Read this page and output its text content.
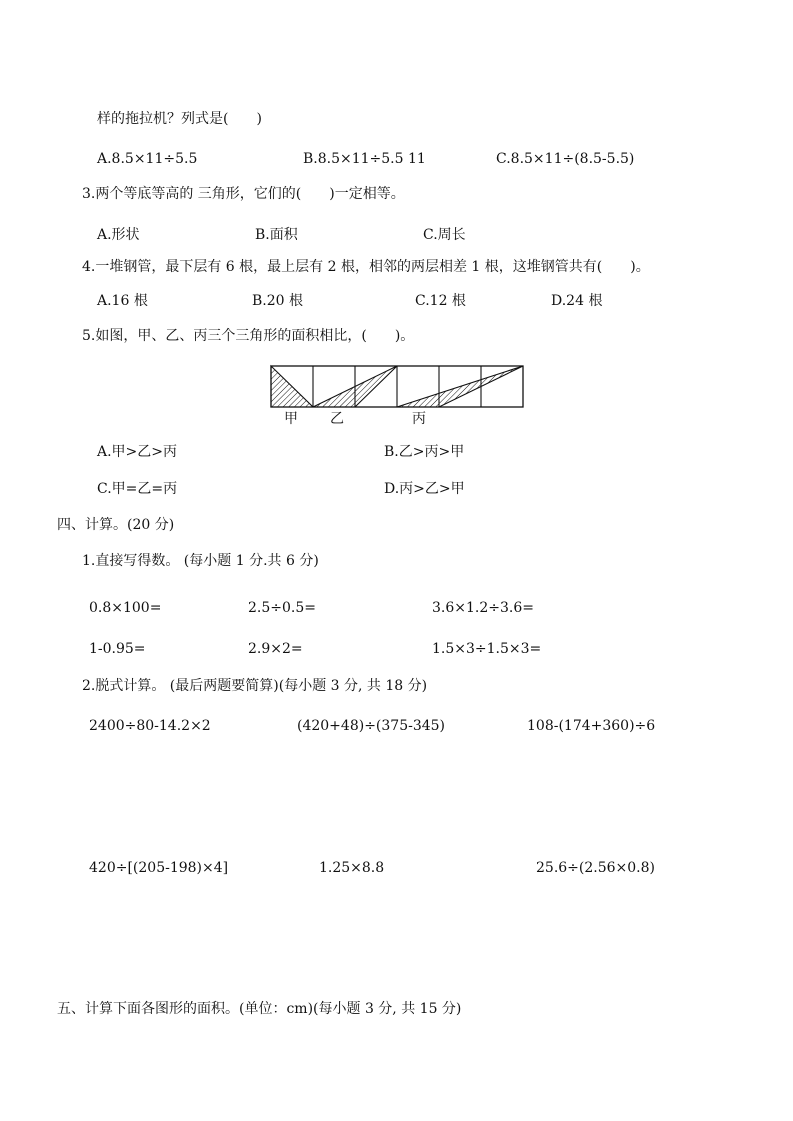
样的拖拉机？列式是(　　)
A.8.5×11÷5.5	B.8.5×11÷5.5 11	C.8.5×11÷(8.5-5.5)
3.两个等底等高的 三角形，它们的(　　)一定相等。
A.形状	B.面积	C.周长
4.一堆钢管，最下层有 6 根，最上层有 2 根，相邻的两层相差 1 根，这堆钢管共有(　　)。
A.16 根	B.20 根	C.12 根	D.24 根
5.如图，甲、乙、丙三个三角形的面积相比，(　　)。
甲 乙	丙
A.甲>乙>丙	B.乙>丙>甲
C.甲=乙=丙	D.丙>乙>甲
四、计算。(20 分)
1.直接写得数。 (每小题 1 分.共 6 分)
0.8×100=	2.5÷0.5=	3.6×1.2÷3.6=
1-0.95=	2.9×2=	1.5×3÷1.5×3=
2.脱式计算。 (最后两题要简算)(每小题 3 分, 共 18 分)
2400÷80-14.2×2	(420+48)÷(375-345)	108-(174+360)÷6
420÷[(205-198)×4]	1.25×8.8	25.6÷(2.56×0.8)
五、计算下面各图形的面积。(单位：cm)(每小题 3 分, 共 15 分)
